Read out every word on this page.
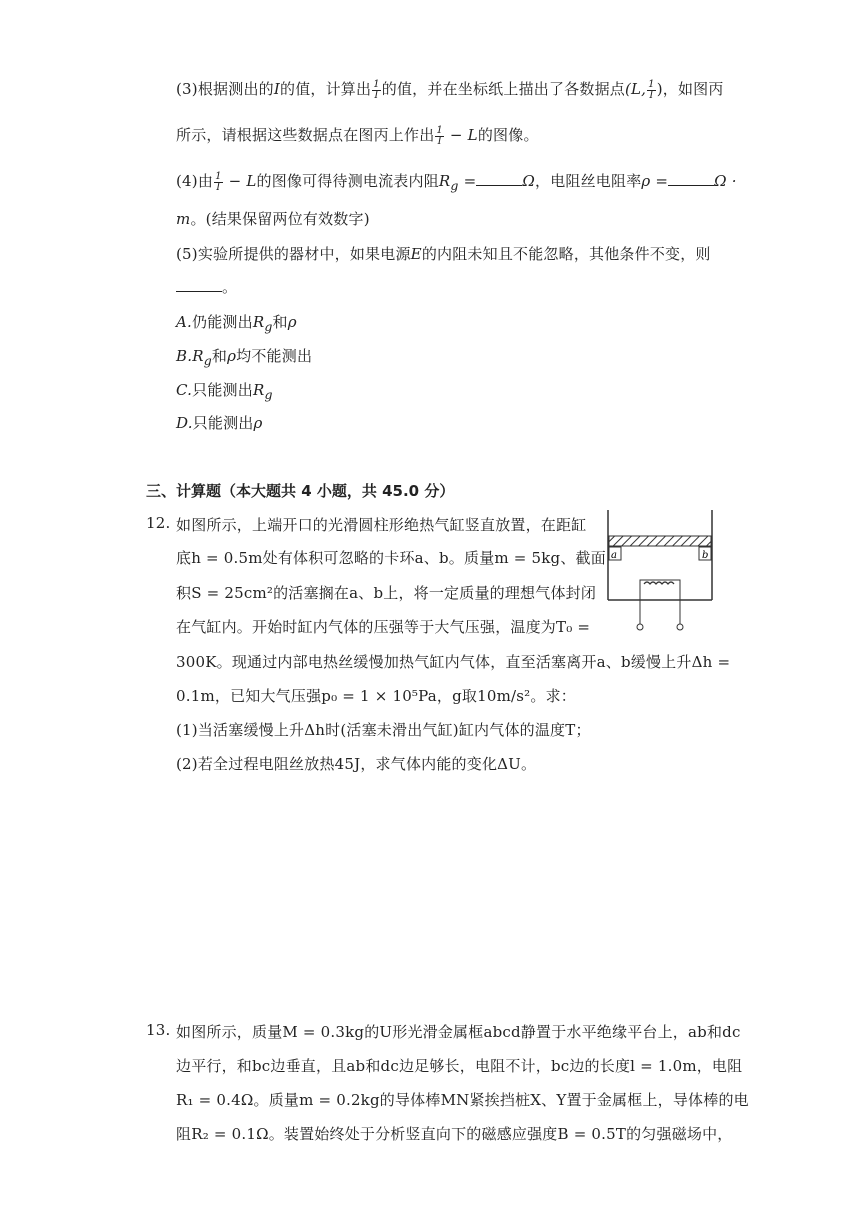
(3)根据测出的I的值，计算出 $\frac{1}{I}$ 的值，并在坐标纸上描出了各数据点(L, $\frac{1}{I}$ )，如图丙
所示，请根据这些数据点在图丙上作出 $\frac{1}{I} - L$的图像。
(4)由 $\frac{1}{I} - L$的图像可得待测电流表内阻$R_g$ =	Ω，电阻丝电阻率ρ =	Ω ·
m。(结果保留两位有效数字)
(5)实验所提供的器材中，如果电源E的内阻未知且不能忽略，其他条件不变，则
。
A.仍能测出$R_g$和ρ
$B.R_g$和ρ均不能测出
C.只能测出$R_g$
D.只能测出ρ
三、计算题（本大题共 4 小题，共 45.0 分）
12. 如图所示，上端开口的光滑圆柱形绝热气缸竖直放置，在距缸
底h = 0.5m处有体积可忽略的卡环a、b。质量m = 5kg、截面
积S = 25cm²的活塞搁在a、b上，将一定质量的理想气体封闭
在气缸内。开始时缸内气体的压强等于大气压强，温度为T₀ =
300K。现通过内部电热丝缓慢加热气缸内气体，直至活塞离开a、b缓慢上升Δh =
0.1m，已知大气压强p₀ = 1 × 10⁵Pa，g取10m/s²。求：
(1)当活塞缓慢上升Δh时(活塞未滑出气缸)缸内气体的温度T；
(2)若全过程电阻丝放热45J，求气体内能的变化ΔU。
a	b
13. 如图所示，质量M = 0.3kg的U形光滑金属框abcd静置于水平绝缘平台上，ab和dc
边平行，和bc边垂直，且ab和dc边足够长，电阻不计，bc边的长度l = 1.0m，电阻
R₁ = 0.4Ω。质量m = 0.2kg的导体棒MN紧挨挡桩X、Y置于金属框上，导体棒的电
阻R₂ = 0.1Ω。装置始终处于分析竖直向下的磁感应强度B = 0.5T的匀强磁场中，
